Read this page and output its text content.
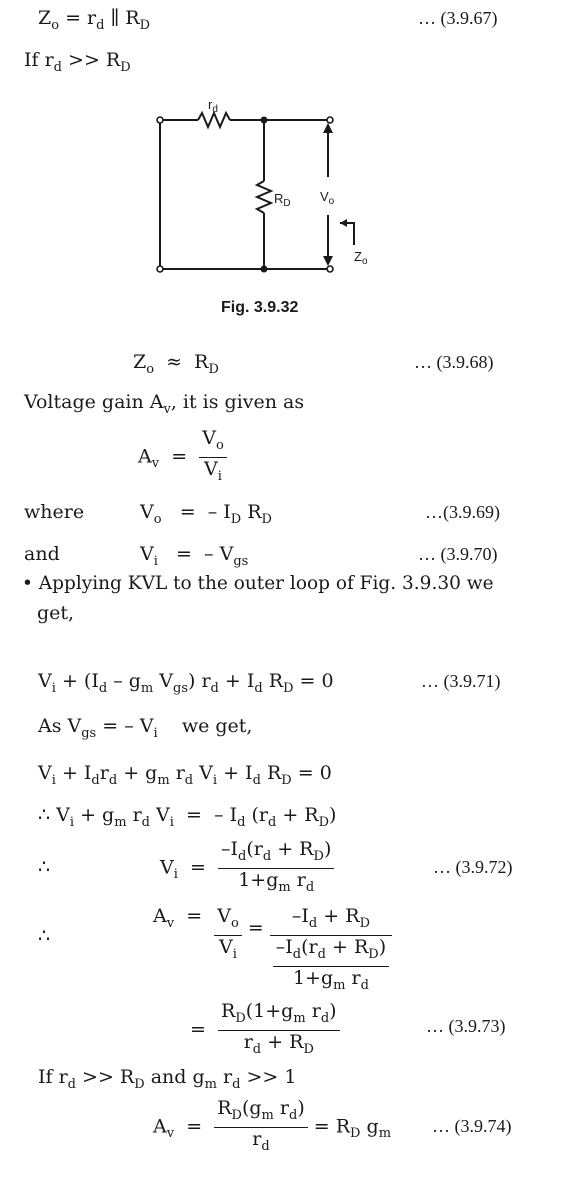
$Z_o = r_d$ ∥ $R_D$	… (3.9.67)
If $r_d >> R_D$
$r_d$
$R_D$ $V_o$
$Z_o$
Fig. 3.9.32
$Z_o \approx R_D$	… (3.9.68)
Voltage gain $A_v$, it is given as
$A_v = \frac{V_o}{V_i}$
where	$V_o$ = – $I_D$ $R_D$	…(3.9.69)
and	$V_i$ = – $V_{gs}$	… (3.9.70)
• Applying KVL to the outer loop of Fig. 3.9.30 we
get,
$V_i + (I_d - g_m$ $V_{gs}$) $r_d + I_d$ $R_D = 0$	… (3.9.71)
As $V_{gs}$ = – $V_i$ we get,
$V_i + I_dr_d + g_m$ $r_d$ $V_i + I_d$ $R_D = 0$
∴ $V_i + g_m$ $r_d$ $V_i$ = – $I_d$ $(r_d + R_D)$
∴	$V_i = \frac{-I_d(r_d + R_D)}{1+g_m r_d}$	… (3.9.72)
∴
$A_v = \frac{V_o}{V_i} = \frac{-I_d + R_D}{\frac{-I_d(r_d + R_D)}{1+g_m r_d}}$
= $\frac{R_D(1+g_m r_d)}{r_d + R_D}$	… (3.9.73)
If $r_d >> R_D$ and $g_m$ $r_d >> 1$
$A_v = \frac{R_D(g_m r_d)}{r_d} = R_D$ $g_m$ … (3.9.74)
